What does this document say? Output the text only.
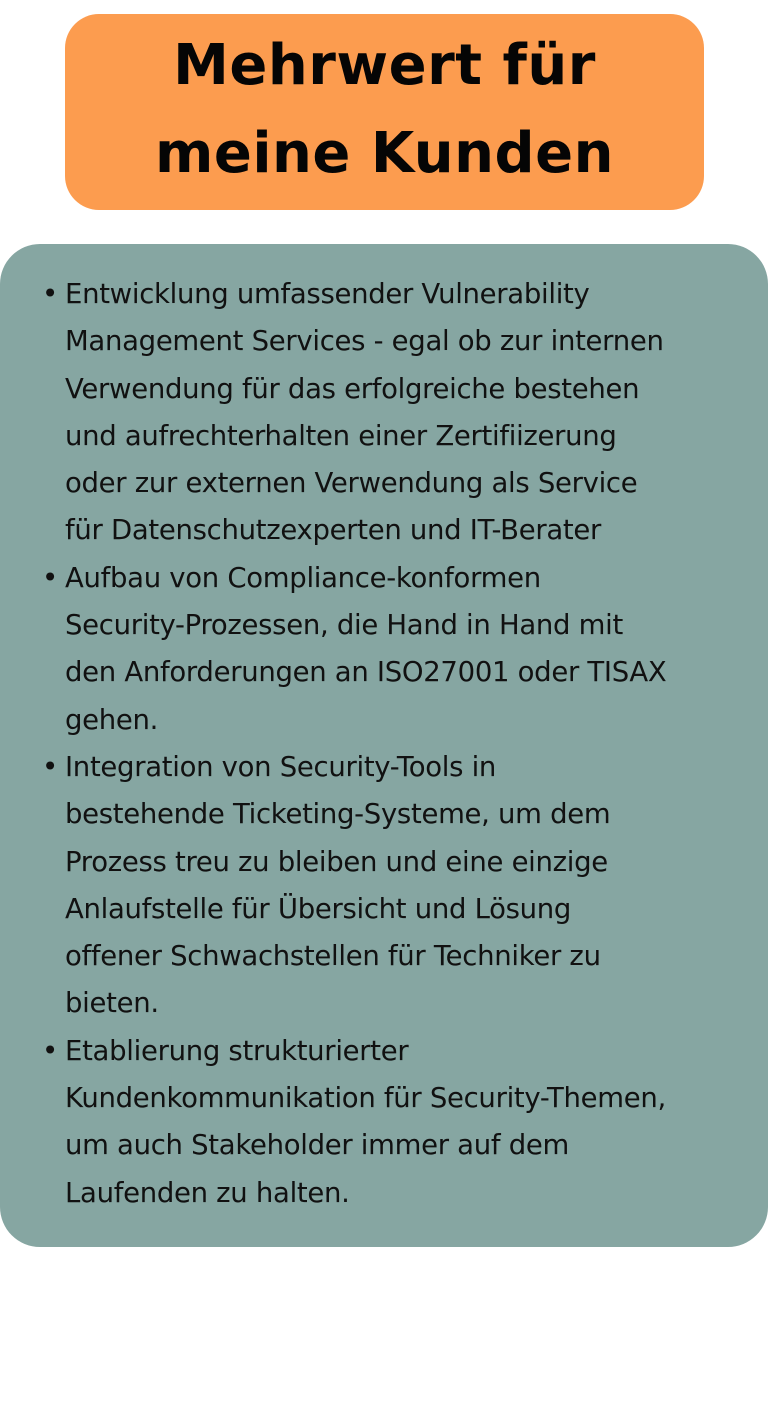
Mehrwert für
meine Kunden
• Entwicklung umfassender Vulnerability
Management Services - egal ob zur internen
Verwendung für das erfolgreiche bestehen
und aufrechterhalten einer Zertifiizerung
oder zur externen Verwendung als Service
für Datenschutzexperten und IT-Berater
• Aufbau von Compliance-konformen
Security-Prozessen, die Hand in Hand mit
den Anforderungen an ISO27001 oder TISAX
gehen.
• Integration von Security-Tools in
bestehende Ticketing-Systeme, um dem
Prozess treu zu bleiben und eine einzige
Anlaufstelle für Übersicht und Lösung
offener Schwachstellen für Techniker zu
bieten.
• Etablierung strukturierter
Kundenkommunikation für Security-Themen,
um auch Stakeholder immer auf dem
Laufenden zu halten.
